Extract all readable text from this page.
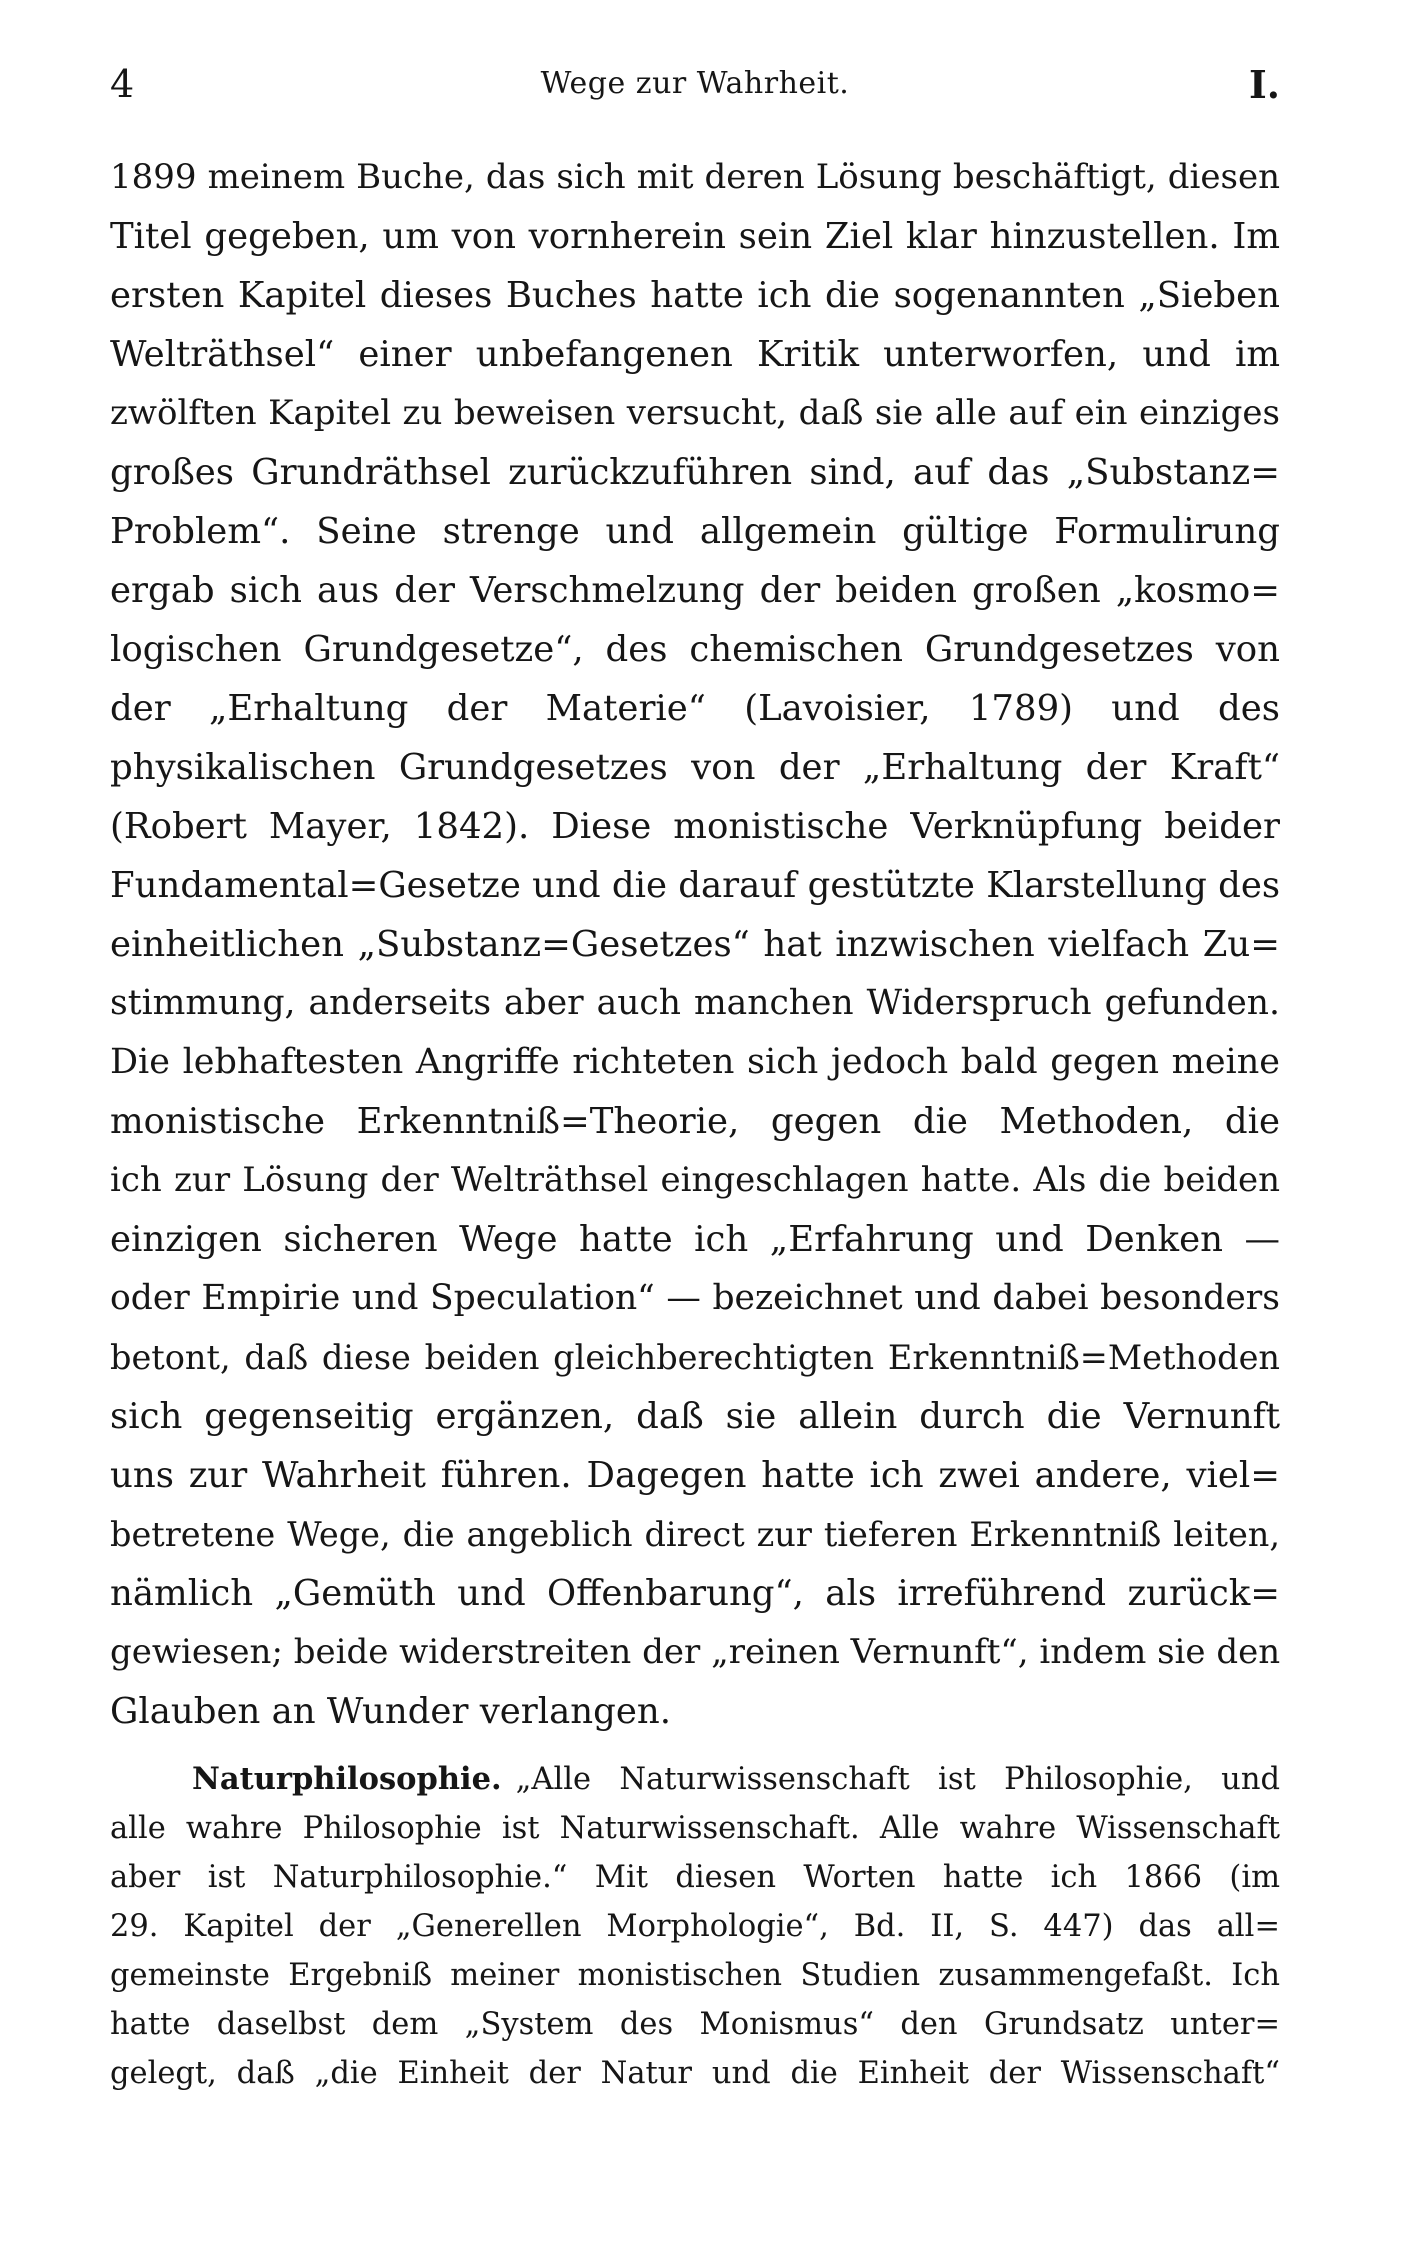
4	Wege zur Wahrheit.	I.
1899 meinem Buche, das sich mit deren Lösung beschäftigt, diesen
Titel gegeben, um von vornherein sein Ziel klar hinzustellen. Im
ersten Kapitel dieses Buches hatte ich die sogenannten „Sieben
Welträthsel“ einer unbefangenen Kritik unterworfen, und im
zwölften Kapitel zu beweisen versucht, daß sie alle auf ein einziges
großes Grundräthsel zurückzuführen sind, auf das „Substanz=
Problem“. Seine strenge und allgemein gültige Formulirung
ergab sich aus der Verschmelzung der beiden großen „kosmo=
logischen Grundgesetze“, des chemischen Grundgesetzes von
der „Erhaltung der Materie“ (Lavoisier, 1789) und des
physikalischen Grundgesetzes von der „Erhaltung der Kraft“
(Robert Mayer, 1842). Diese monistische Verknüpfung beider
Fundamental=Gesetze und die darauf gestützte Klarstellung des
einheitlichen „Substanz=Gesetzes“ hat inzwischen vielfach Zu=
stimmung, anderseits aber auch manchen Widerspruch gefunden.
Die lebhaftesten Angriffe richteten sich jedoch bald gegen meine
monistische Erkenntniß=Theorie, gegen die Methoden, die
ich zur Lösung der Welträthsel eingeschlagen hatte. Als die beiden
einzigen sicheren Wege hatte ich „Erfahrung und Denken —
oder Empirie und Speculation“ — bezeichnet und dabei besonders
betont, daß diese beiden gleichberechtigten Erkenntniß=Methoden
sich gegenseitig ergänzen, daß sie allein durch die Vernunft
uns zur Wahrheit führen. Dagegen hatte ich zwei andere, viel=
betretene Wege, die angeblich direct zur tieferen Erkenntniß leiten,
nämlich „Gemüth und Offenbarung“, als irreführend zurück=
gewiesen; beide widerstreiten der „reinen Vernunft“, indem sie den
Glauben an Wunder verlangen.
Naturphilosophie. „Alle Naturwissenschaft ist Philosophie, und
alle wahre Philosophie ist Naturwissenschaft. Alle wahre Wissenschaft
aber ist Naturphilosophie.“ Mit diesen Worten hatte ich 1866 (im
29. Kapitel der „Generellen Morphologie“, Bd. II, S. 447) das all=
gemeinste Ergebniß meiner monistischen Studien zusammengefaßt. Ich
hatte daselbst dem „System des Monismus“ den Grundsatz unter=
gelegt, daß „die Einheit der Natur und die Einheit der Wissenschaft“
